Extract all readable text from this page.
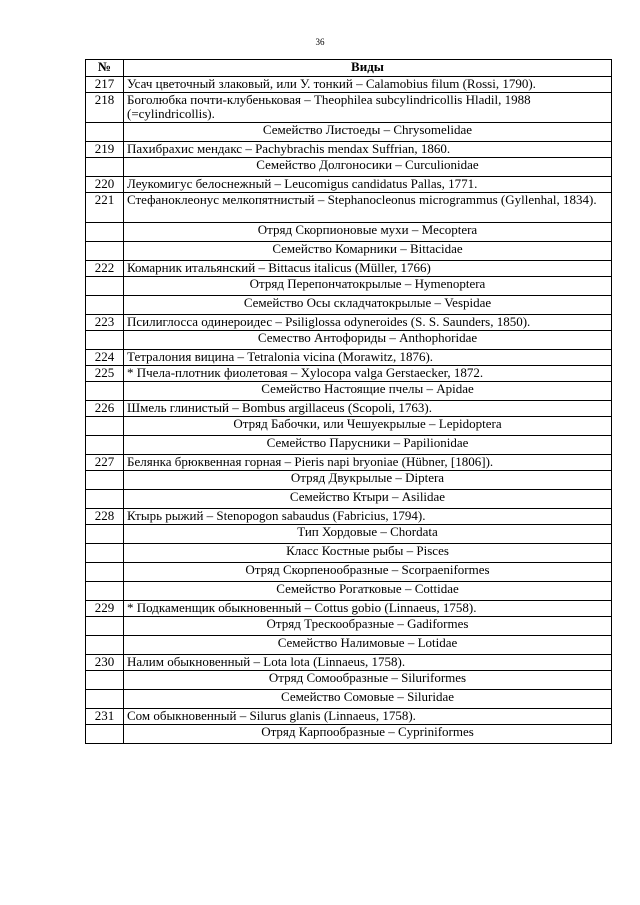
36
№	Виды
217	Усач цветочный злаковый, или У. тонкий – Calamobius filum (Rossi, 1790).
218	Боголюбка почти-клубеньковая – Theophilea subcylindricollis Hladil, 1988 (=cylindricollis).
	Семейство Листоеды – Chrysomelidae
219	Пахибрахис мендакс – Pachybrachis mendax Suffrian, 1860.
	Семейство Долгоносики – Curculionidae
220	Леукомигус белоснежный – Leucomigus candidatus Pallas, 1771.
221	Стефаноклеонус мелкопятнистый – Stephanocleonus microgrammus (Gyllenhal, 1834).
	Отряд Скорпионовые мухи – Mecoptera
	Семейство Комарники – Bittacidae
222	Комарник итальянский – Bittacus italicus (Müller, 1766)
	Отряд Перепончатокрылые – Hymenoptera
	Семейство Осы складчатокрылые – Vespidae
223	Псилиглосса одинероидес – Psiliglossa odyneroides (S. S. Saunders, 1850).
	Семество Антофориды – Anthophoridae
224	Тетралония вицина – Tetralonia vicina (Morawitz, 1876).
225	* Пчела-плотник фиолетовая – Xylocopa valga Gerstaecker, 1872.
	Семейство Настоящие пчелы – Apidae
226	Шмель глинистый – Bombus argillaceus (Scopoli, 1763).
	Отряд Бабочки, или Чешуекрылые – Lepidoptera
	Семейство Парусники – Papilionidae
227	Белянка брюквенная горная – Pieris napi bryoniae (Hübner, [1806]).
	Отряд Двукрылые – Diptera
	Семейство Ктыри – Asilidae
228	Ктырь рыжий – Stenopogon sabaudus (Fabricius, 1794).
	Тип Хордовые – Chordata
	Класс Костные рыбы – Pisces
	Отряд Скорпенообразные – Scorpaeniformes
	Семейство Рогатковые – Cottidae
229	* Подкаменщик обыкновенный – Cottus gobio (Linnaeus, 1758).
	Отряд Трескообразные – Gadiformes
	Семейство Налимовые – Lotidae
230	Налим обыкновенный – Lota lota (Linnaeus, 1758).
	Отряд Сомообразные – Siluriformes
	Семейство Сомовые – Siluridae
231	Сом обыкновенный – Silurus glanis (Linnaeus, 1758).
	Отряд Карпообразные – Cypriniformes
